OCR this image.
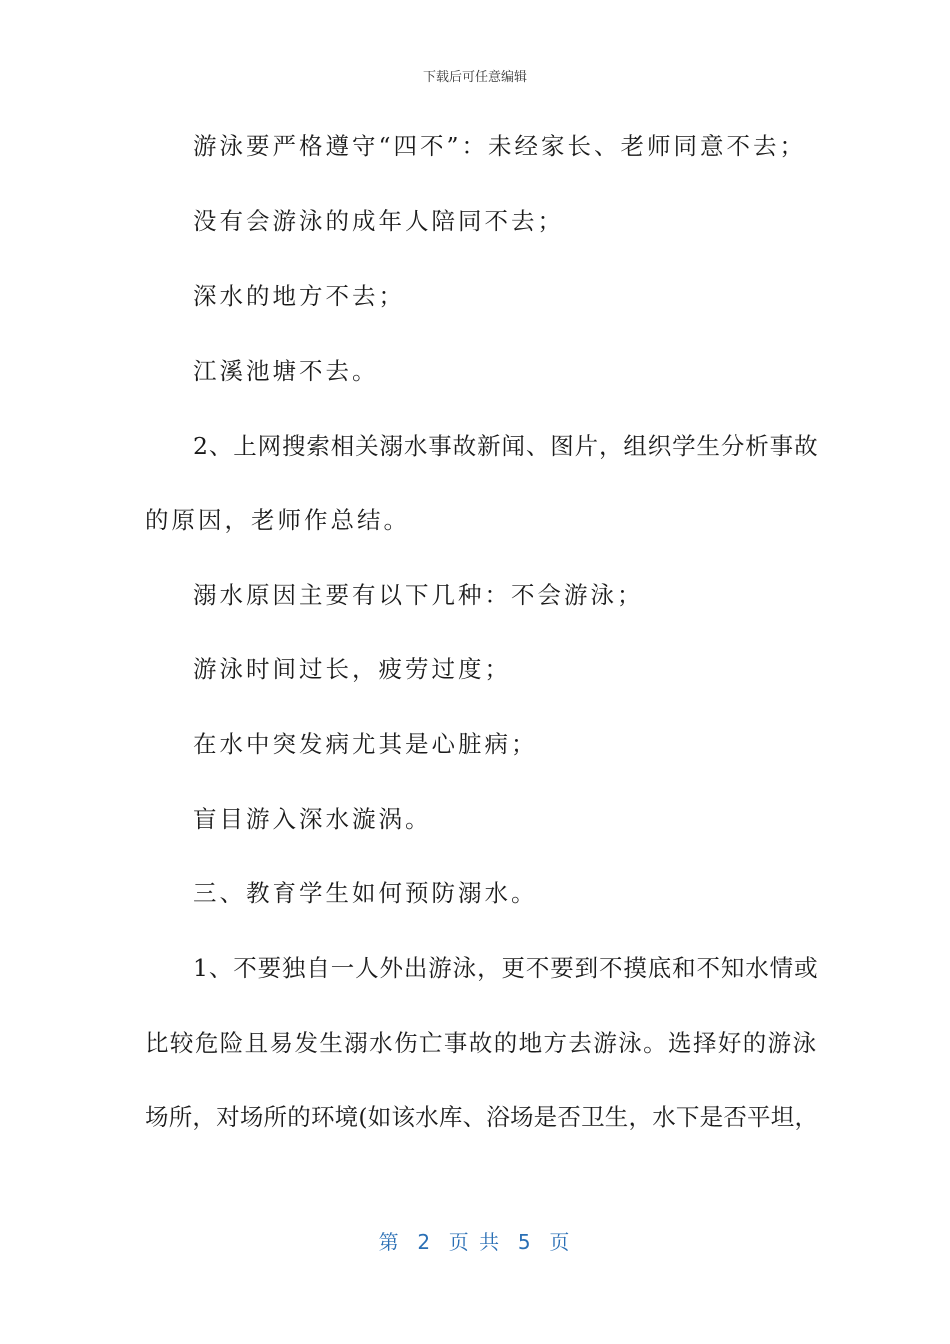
下载后可任意编辑
游泳要严格遵守“四不”：未经家长、老师同意不去；
没有会游泳的成年人陪同不去；
深水的地方不去；
江溪池塘不去。
2、上网搜索相关溺水事故新闻、图片，组织学生分析事故
的原因，老师作总结。
溺水原因主要有以下几种：不会游泳；
游泳时间过长，疲劳过度；
在水中突发病尤其是心脏病；
盲目游入深水漩涡。
三、教育学生如何预防溺水。
1、不要独自一人外出游泳，更不要到不摸底和不知水情或
比较危险且易发生溺水伤亡事故的地方去游泳。选择好的游泳
场所，对场所的环境(如该水库、浴场是否卫生，水下是否平坦，
第  2  页 共  5  页
